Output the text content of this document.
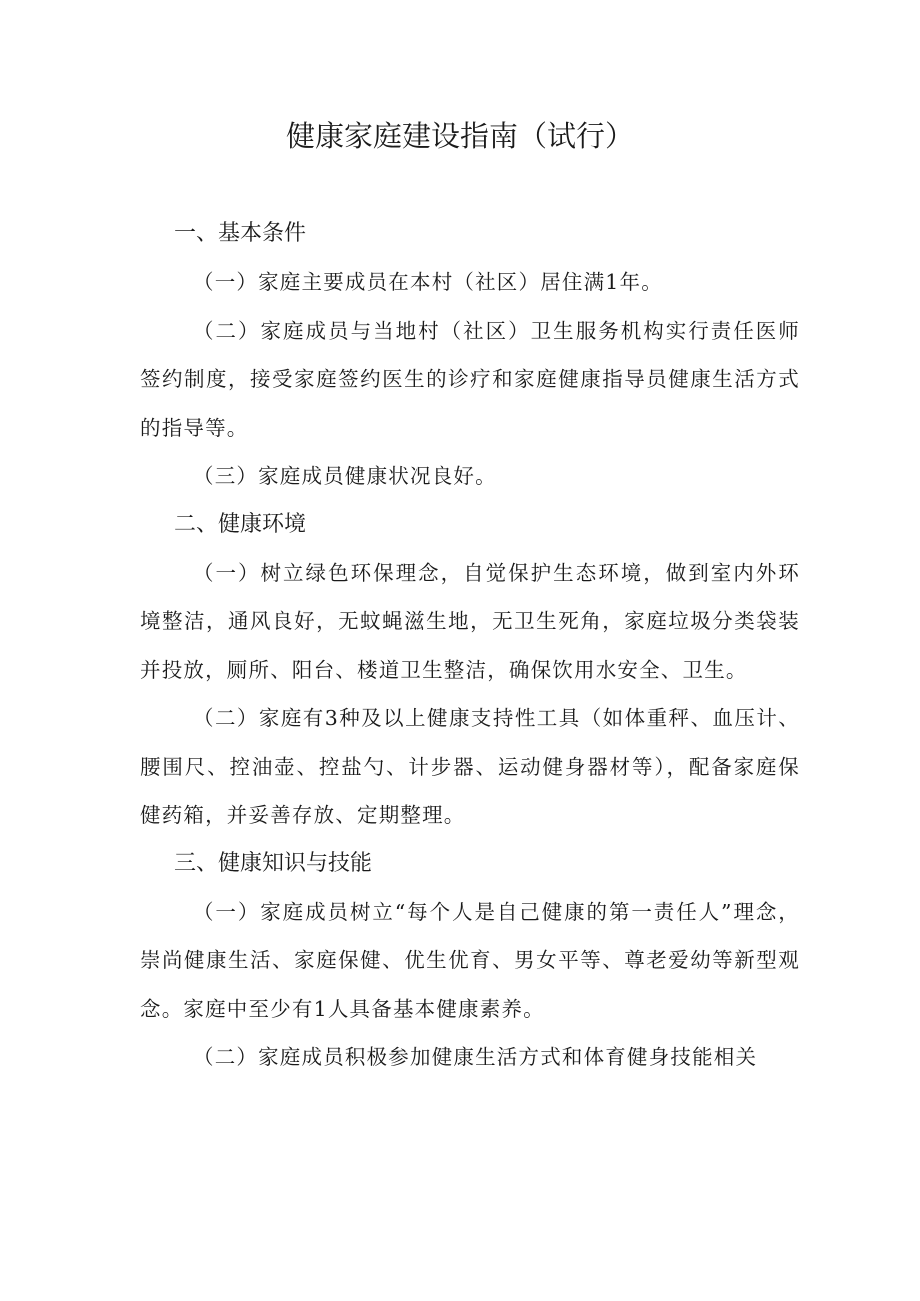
健康家庭建设指南（试行）
一、基本条件

（一）家庭主要成员在本村（社区）居住满1年。

（二）家庭成员与当地村（社区）卫生服务机构实行责任医师签约制度，接受家庭签约医生的诊疗和家庭健康指导员健康生活方式的指导等。

（三）家庭成员健康状况良好。

二、健康环境

（一）树立绿色环保理念，自觉保护生态环境，做到室内外环境整洁，通风良好，无蚊蝇滋生地，无卫生死角，家庭垃圾分类袋装并投放，厕所、阳台、楼道卫生整洁，确保饮用水安全、卫生。

（二）家庭有3种及以上健康支持性工具（如体重秤、血压计、腰围尺、控油壶、控盐勺、计步器、运动健身器材等），配备家庭保健药箱，并妥善存放、定期整理。

三、健康知识与技能

（一）家庭成员树立“每个人是自己健康的第一责任人”理念，崇尚健康生活、家庭保健、优生优育、男女平等、尊老爱幼等新型观念。家庭中至少有1人具备基本健康素养。

（二）家庭成员积极参加健康生活方式和体育健身技能相关
